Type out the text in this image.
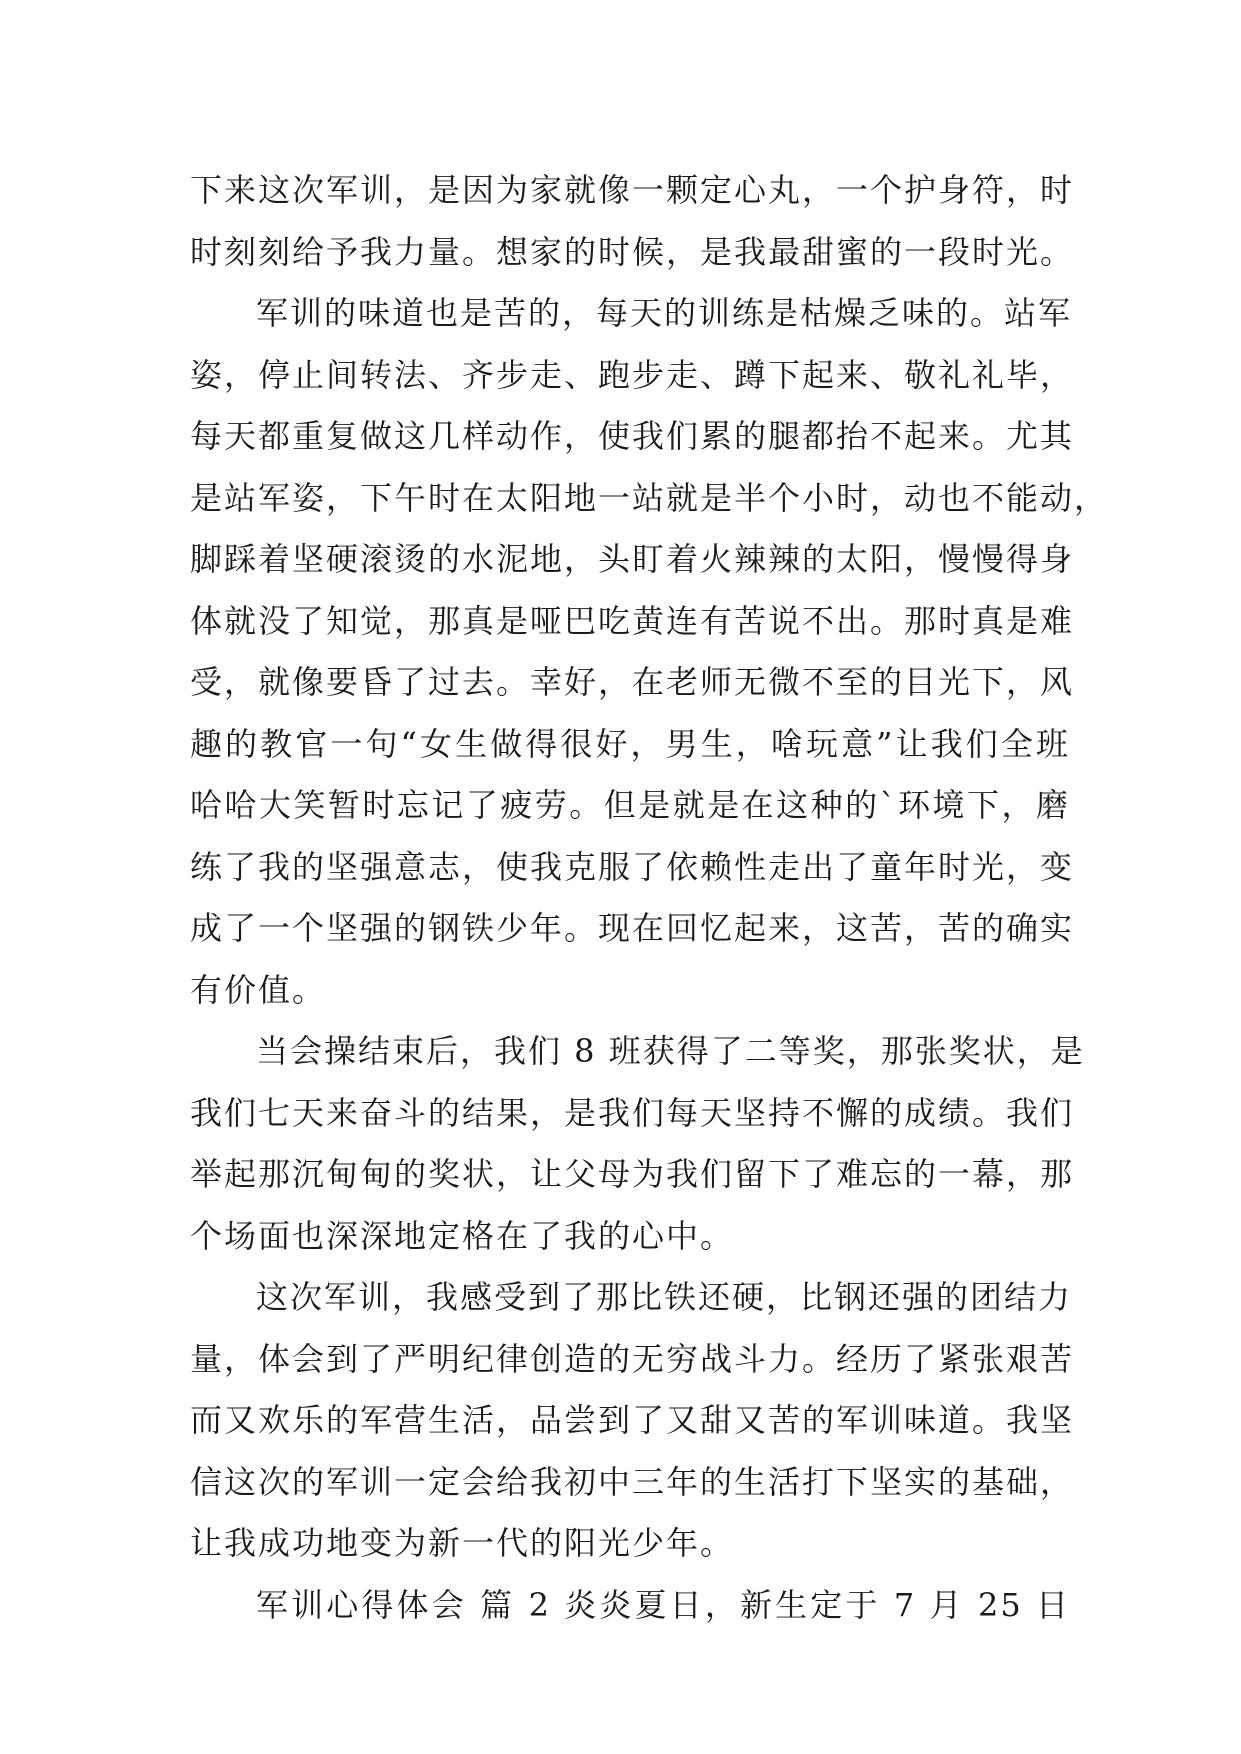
下来这次军训，是因为家就像一颗定心丸，一个护身符，时
时刻刻给予我力量。想家的时候，是我最甜蜜的一段时光。
军训的味道也是苦的，每天的训练是枯燥乏味的。站军
姿，停止间转法、齐步走、跑步走、蹲下起来、敬礼礼毕，
每天都重复做这几样动作，使我们累的腿都抬不起来。尤其
是站军姿，下午时在太阳地一站就是半个小时，动也不能动，
脚踩着坚硬滚烫的水泥地，头盯着火辣辣的太阳，慢慢得身
体就没了知觉，那真是哑巴吃黄连有苦说不出。那时真是难
受，就像要昏了过去。幸好，在老师无微不至的目光下，风
趣的教官一句“女生做得很好，男生，啥玩意”让我们全班
哈哈大笑暂时忘记了疲劳。但是就是在这种的`环境下，磨
练了我的坚强意志，使我克服了依赖性走出了童年时光，变
成了一个坚强的钢铁少年。现在回忆起来，这苦，苦的确实
有价值。
当会操结束后，我们 8 班获得了二等奖，那张奖状，是
我们七天来奋斗的结果，是我们每天坚持不懈的成绩。我们
举起那沉甸甸的奖状，让父母为我们留下了难忘的一幕，那
个场面也深深地定格在了我的心中。
这次军训，我感受到了那比铁还硬，比钢还强的团结力
量，体会到了严明纪律创造的无穷战斗力。经历了紧张艰苦
而又欢乐的军营生活，品尝到了又甜又苦的军训味道。我坚
信这次的军训一定会给我初中三年的生活打下坚实的基础，
让我成功地变为新一代的阳光少年。
军训心得体会 篇 2 炎炎夏日，新生定于 7 月 25 日
